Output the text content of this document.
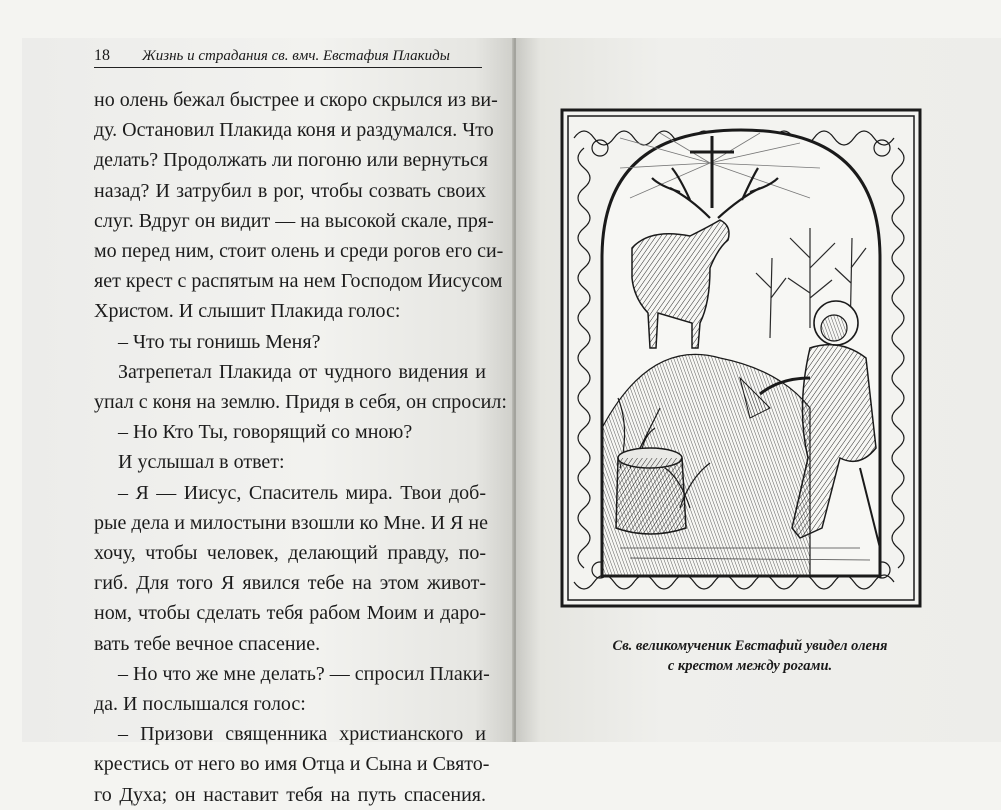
18	Жизнь и страдания св. вмч. Евстафия Плакиды
но олень бежал быстрее и скоро скрылся из ви-
ду. Остановил Плакида коня и раздумался. Что
делать? Продолжать ли погоню или вернуться
назад? И затрубил в рог, чтобы созвать своих
слуг. Вдруг он видит — на высокой скале, пря-
мо перед ним, стоит олень и среди рогов его си-
яет крест с распятым на нем Господом Иисусом
Христом. И слышит Плакида голос:
– Что ты гонишь Меня?
Затрепетал Плакида от чудного видения и
упал с коня на землю. Придя в себя, он спросил:
– Но Кто Ты, говорящий со мною?
И услышал в ответ:
– Я — Иисус, Спаситель мира. Твои доб-
рые дела и милостыни взошли ко Мне. И Я не
хочу, чтобы человек, делающий правду, по-
гиб. Для того Я явился тебе на этом живот-
ном, чтобы сделать тебя рабом Моим и даро-
вать тебе вечное спасение.
– Но что же мне делать? — спросил Плаки-
да. И послышался голос:
– Призови священника христианского и
крестись от него во имя Отца и Сына и Свято-
го Духа; он наставит тебя на путь спасения.
Св. великомученик Евстафий увидел оленя
с крестом между рогами.
